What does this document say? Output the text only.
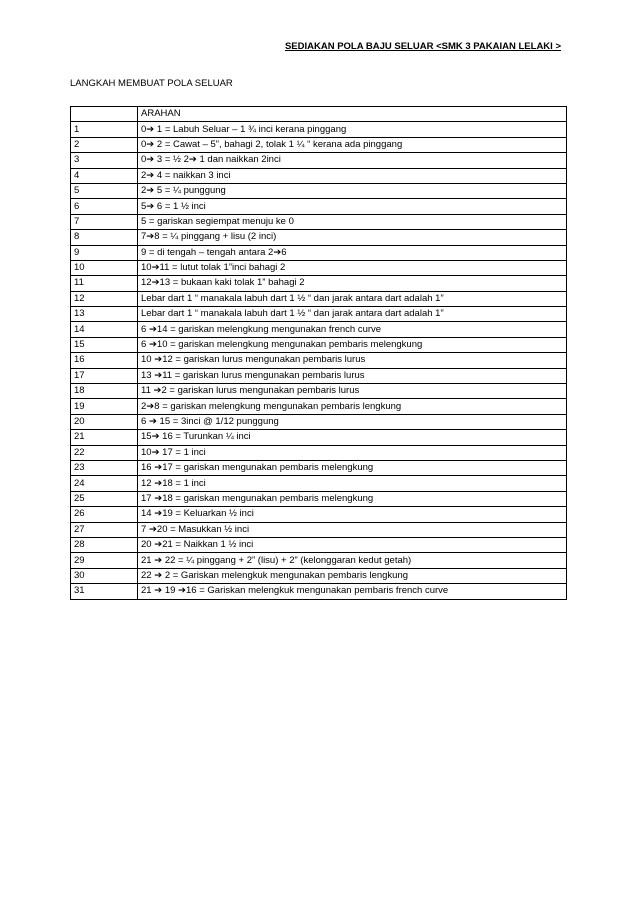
SEDIAKAN POLA BAJU SELUAR <SMK 3 PAKAIAN LELAKI >
LANGKAH MEMBUAT POLA SELUAR
	ARAHAN
1	0➔ 1 = Labuh Seluar – 1 ¾ inci kerana pinggang
2	0➔ 2 = Cawat – 5”, bahagi 2, tolak 1 ¼ “ kerana ada pinggang
3	0➔ 3 = ½ 2➔ 1 dan naikkan 2inci
4	2➔ 4 = naikkan 3 inci
5	2➔ 5 = ¼ punggung
6	5➔ 6 = 1 ½ inci
7	5 = gariskan segiempat menuju ke 0
8	7➔8 = ¼ pinggang + lisu (2 inci)
9	9 = di tengah – tengah antara 2➔6
10	10➔11 = lutut tolak 1”inci bahagi 2
11	12➔13 = bukaan kaki tolak 1” bahagi 2
12	Lebar dart 1 “ manakala labuh dart 1 ½ “ dan jarak antara dart adalah 1”
13	Lebar dart 1 “ manakala labuh dart 1 ½ “ dan jarak antara dart adalah 1”
14	6 ➔14 = gariskan melengkung mengunakan french curve
15	6 ➔10 = gariskan melengkung mengunakan pembaris melengkung
16	10 ➔12 = gariskan lurus mengunakan pembaris lurus
17	13 ➔11 = gariskan lurus mengunakan pembaris lurus
18	11 ➔2 = gariskan lurus mengunakan pembaris lurus
19	2➔8 = gariskan melengkung mengunakan pembaris lengkung
20	6 ➔ 15 = 3inci @ 1/12 punggung
21	15➔ 16 = Turunkan ¼ inci
22	10➔ 17 = 1 inci
23	16 ➔17 = gariskan mengunakan pembaris melengkung
24	12 ➔18 = 1 inci
25	17 ➔18 = gariskan mengunakan pembaris melengkung
26	14 ➔19 = Keluarkan ½ inci
27	7 ➔20 = Masukkan ½ inci
28	20 ➔21 = Naikkan 1 ½ inci
29	21 ➔ 22 = ¼ pinggang + 2” (lisu) + 2” (kelonggaran kedut getah)
30	22 ➔ 2 = Gariskan melengkuk mengunakan pembaris lengkung
31	21 ➔ 19 ➔16 = Gariskan melengkuk mengunakan pembaris french curve
